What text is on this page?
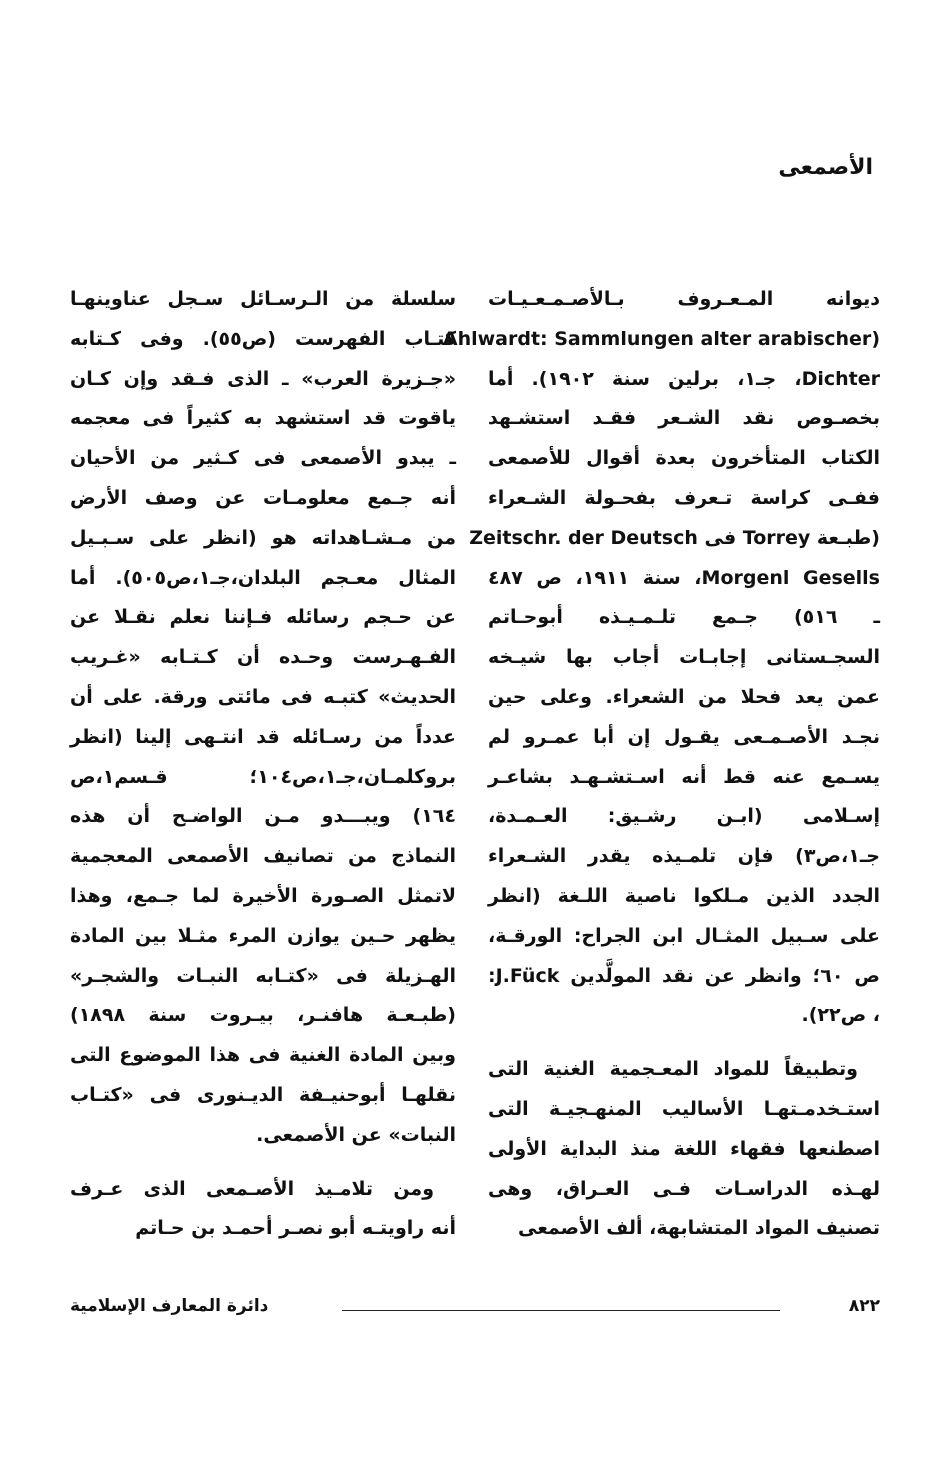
الأصمعى
ديوانه المـعـروف بـالأصـمـعـيـات
(Ahlwardt: Sammlungen alter arabischer
Dichter، جـ١، برلين سنة ١٩٠٢). أما
بخصـوص نقد الشـعر فقـد استشـهد
الكتاب المتأخرون بعدة أقوال للأصمعى
ففـى كراسة تـعرف بفحـولة الشـعراء
(طبـعة Torrey فى Zeitschr. der Deutsch
Morgenl Gesells، سنة ١٩١١، ص ٤٨٧
ـ ٥١٦) جـمع تلـمـيـذه أبوحـاتم
السجـستانى إجابـات أجاب بها شيـخه
عمن يعد فحلا من الشعراء. وعلى حين
نجـد الأصـمـعى يقـول إن أبا عمـرو لم
يسـمع عنه قط أنه اسـتشـهـد بشاعـر
إسـلامى (ابـن رشـيق: العـمـدة،
جـ١،ص٣) فإن تلمـيذه يقدر الشـعراء
الجدد الذين مـلكوا ناصية اللـغة (انظر
على سـبيل المثـال ابن الجراح: الورقـة،
ص ٦٠؛ وانظر عن نقد المولَّدين J.Fück:
، ص٢٢).
وتطبيقاً للمواد المعـجمية الغنية التى
استـخدمـتهـا الأساليب المنهـجيـة التى
اصطنعها فقهاء اللغة منذ البداية الأولى
لهـذه الدراسـات فـى العـراق، وهى
تصنيف المواد المتشابهة، ألف الأصمعى
سلسلة من الـرسـائل سـجل عناوينهـا
كتـاب الفهرست (ص٥٥). وفى كـتابه
«جـزيرة العرب» ـ الذى فـقد وإن كـان
ياقوت قد استشهد به كثيراً فى معجمه
ـ يبدو الأصمعى فى كـثير من الأحيان
أنه جـمع معلومـات عن وصف الأرض
من مـشـاهداته هو (انظر على سـبـيل
المثال معـجم البلدان،جـ١،ص٥٠٥). أما
عن حـجم رسائله فـإننا نعلم نقـلا عن
الفـهـرست وحـده أن كـتـابه «غـريب
الحديث» كتبـه فى مائتى ورقة. على أن
عدداً من رسـائله قد انتـهى إلينا (انظر
بروكلمـان،جـ١،ص١٠٤؛ قـسم١،ص
١٦٤) ويبـــدو مـن الواضـح أن هذه
النماذج من تصانيف الأصمعى المعجمية
لاتمثل الصـورة الأخيرة لما جـمع، وهذا
يظهر حـين يوازن المرء مثـلا بين المادة
الهـزيلة فى «كتـابه النبـات والشجـر»
(طبـعـة هافنـر، بيـروت سنة ١٨٩٨)
وبين المادة الغنية فى هذا الموضوع التى
نقلهـا أبوحنيـفة الديـنورى فى «كتـاب
النبات» عن الأصمعى.
ومن تلامـيذ الأصـمعى الذى عـرف
أنه راويتـه أبو نصـر أحمـد بن حـاتم
٨٢٢
دائرة المعارف الإسلامية
